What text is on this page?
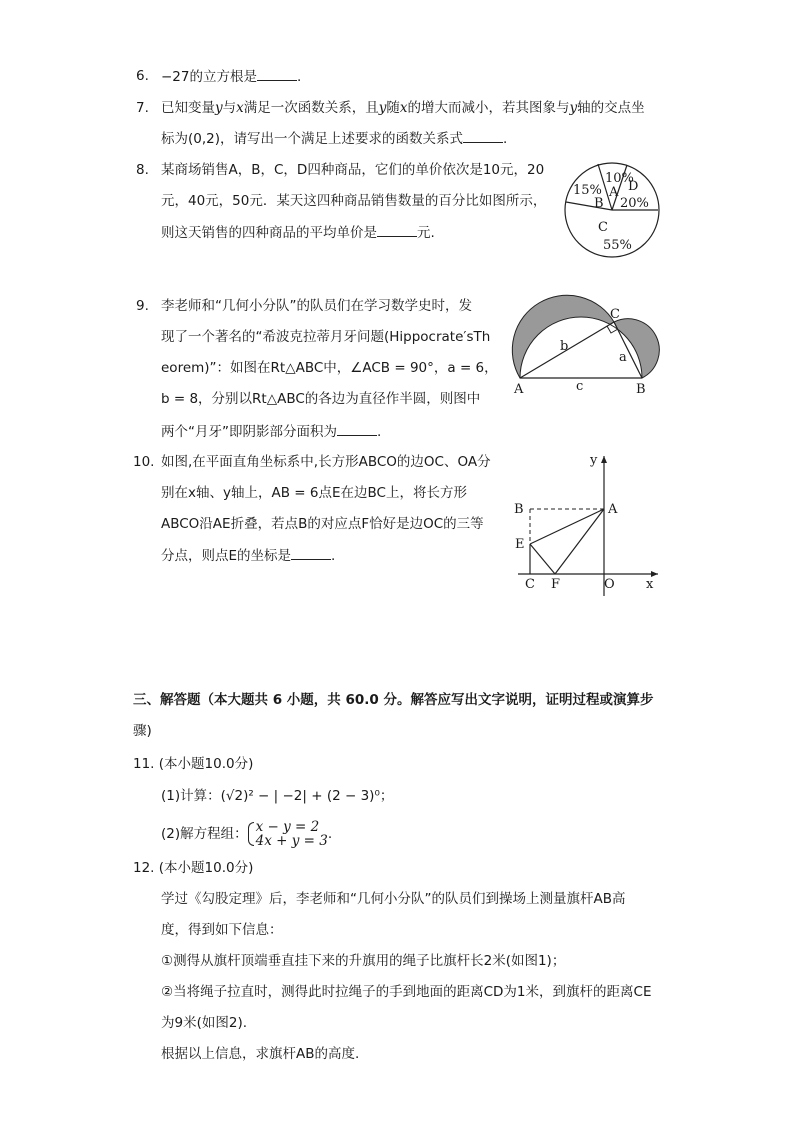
6. −27的立方根是	.
7. 已知变量y与x满足一次函数关系，且y随x的增大而减小，若其图象与y轴的交点坐
标为(0,2)，请写出一个满足上述要求的函数关系式	.
8. 某商场销售A，B，C，D四种商品，它们的单价依次是10元，20
元，40元，50元．某天这四种商品销售数量的百分比如图所示，
则这天销售的四种商品的平均单价是	元.
10%
A
15%
B
D
20%
C
55%
9. 李老师和“几何小分队”的队员们在学习数学史时，发
现了一个著名的“希波克拉蒂月牙问题(Hippocrate′sTh
eorem)”：如图在Rt△ABC中，∠ACB = 90°，a = 6，
b = 8，分别以Rt△ABC的各边为直径作半圆，则图中
两个“月牙”即阴影部分面积为	.
A	B
C
a
b
c
10. 如图,在平面直角坐标系中,长方形ABCO的边OC、OA分
别在x轴、y轴上，AB = 6点E在边BC上，将长方形
ABCO沿AE折叠，若点B的对应点F恰好是边OC的三等
分点，则点E的坐标是	.
B	A
E
C F	O x
y
三、解答题（本大题共 6 小题，共 60.0 分。解答应写出文字说明，证明过程或演算步
骤)
11. (本小题10.0分)
(1)计算：(√2)² − | −2| + (2 − 3)⁰；
(2)解方程组： x − y = 2
4x + y = 3 .
12. (本小题10.0分)
学过《勾股定理》后，李老师和“几何小分队”的队员们到操场上测量旗杆AB高
度，得到如下信息：
①测得从旗杆顶端垂直挂下来的升旗用的绳子比旗杆长2米(如图1)；
②当将绳子拉直时，测得此时拉绳子的手到地面的距离CD为1米，到旗杆的距离CE
为9米(如图2).
根据以上信息，求旗杆AB的高度.
